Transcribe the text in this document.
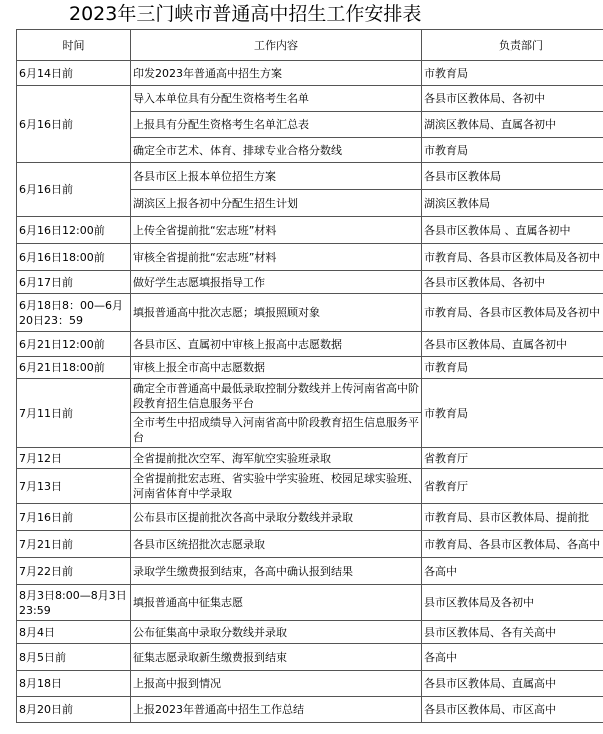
2023年三门峡市普通高中招生工作安排表
时间	工作内容	负责部门
6月14日前	印发2023年普通高中招生方案	市教育局
6月16日前	导入本单位具有分配生资格考生名单	各县市区教体局、各初中
	上报具有分配生资格考生名单汇总表	湖滨区教体局、直属各初中
	确定全市艺术、体育、排球专业合格分数线	市教育局
6月16日前	各县市区上报本单位招生方案	各县市区教体局
	湖滨区上报各初中分配生招生计划	湖滨区教体局
6月16日12:00前	上传全省提前批“宏志班”材料	各县市区教体局 、直属各初中
6月16日18:00前	审核全省提前批“宏志班”材料	市教育局、各县市区教体局及各初中
6月17日前	做好学生志愿填报指导工作	各县市区教体局、各初中
6月18日8：00—6月20日23：59	填报普通高中批次志愿；填报照顾对象	市教育局、各县市区教体局及各初中
6月21日12:00前	各县市区、直属初中审核上报高中志愿数据	各县市区教体局、直属各初中
6月21日18:00前	审核上报全市高中志愿数据	市教育局
7月11日前	确定全市普通高中最低录取控制分数线并上传河南省高中阶段教育招生信息服务平台	市教育局
	全市考生中招成绩导入河南省高中阶段教育招生信息服务平台	
7月12日	全省提前批次空军、海军航空实验班录取	省教育厅
7月13日	全省提前批宏志班、省实验中学实验班、校园足球实验班、河南省体育中学录取	省教育厅
7月16日前	公布县市区提前批次各高中录取分数线并录取	市教育局、县市区教体局、提前批
7月21日前	各县市区统招批次志愿录取	市教育局、各县市区教体局、各高中
7月22日前	录取学生缴费报到结束，各高中确认报到结果	各高中
8月3日8:00—8月3日23:59	填报普通高中征集志愿	县市区教体局及各初中
8月4日	公布征集高中录取分数线并录取	县市区教体局、各有关高中
8月5日前	征集志愿录取新生缴费报到结束	各高中
8月18日	上报高中报到情况	各县市区教体局、直属高中
8月20日前	上报2023年普通高中招生工作总结	各县市区教体局、市区高中
